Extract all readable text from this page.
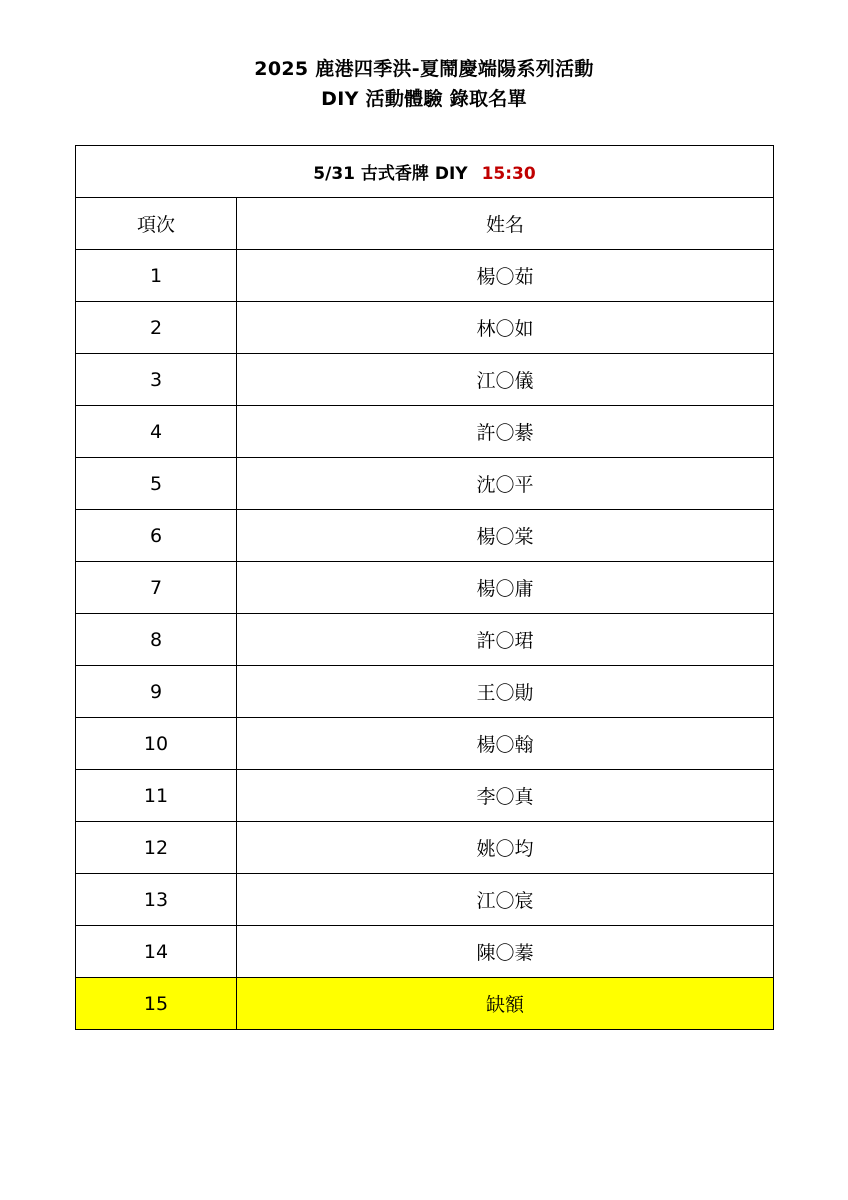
2025 鹿港四季洪-夏鬧慶端陽系列活動
DIY 活動體驗 錄取名單
5/31 古式香牌 DIY 15:30	
項次	姓名
1	楊〇茹
2	林〇如
3	江〇儀
4	許〇綦
5	沈〇平
6	楊〇棠
7	楊〇庸
8	許〇珺
9	王〇勛
10	楊〇翰
11	李〇真
12	姚〇均
13	江〇宸
14	陳〇蓁
15	缺額
